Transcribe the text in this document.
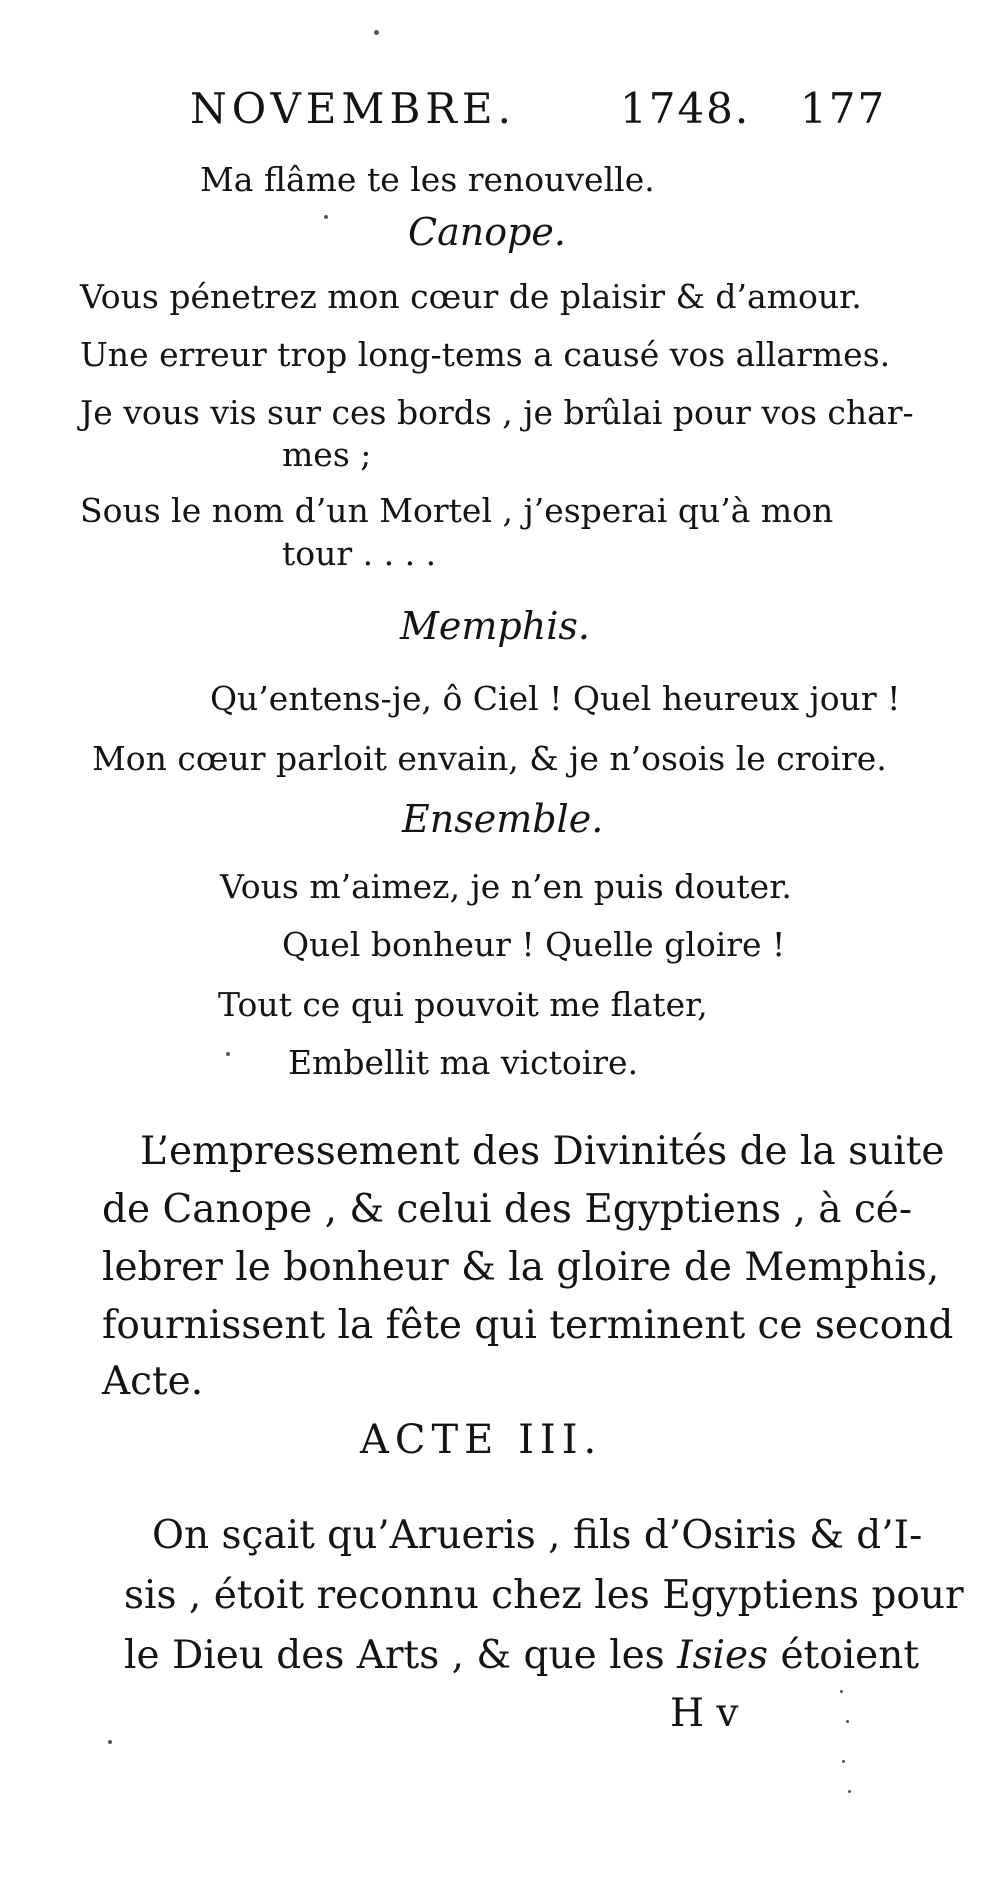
NOVEMBRE. 1748. 177
Ma flâme te les renouvelle.
Canope.
Vous pénetrez mon cœur de plaisir & d’amour.
Une erreur trop long-tems a causé vos allarmes.
Je vous vis sur ces bords , je brûlai pour vos char-
mes ;
Sous le nom d’un Mortel , j’esperai qu’à mon
tour . . . .
Memphis.
Qu’entens-je, ô Ciel ! Quel heureux jour !
Mon cœur parloit envain, & je n’osois le croire.
Ensemble.
Vous m’aimez, je n’en puis douter.
Quel bonheur ! Quelle gloire !
Tout ce qui pouvoit me flater,
Embellit ma victoire.
L’empressement des Divinités de la suite
de Canope , & celui des Egyptiens , à cé-
lebrer le bonheur & la gloire de Memphis,
fournissent la fête qui terminent ce second
Acte.
ACTE III.
On sçait qu’Arueris , fils d’Osiris & d’I-
sis , étoit reconnu chez les Egyptiens pour
le Dieu des Arts , & que les Isies étoient
H v
